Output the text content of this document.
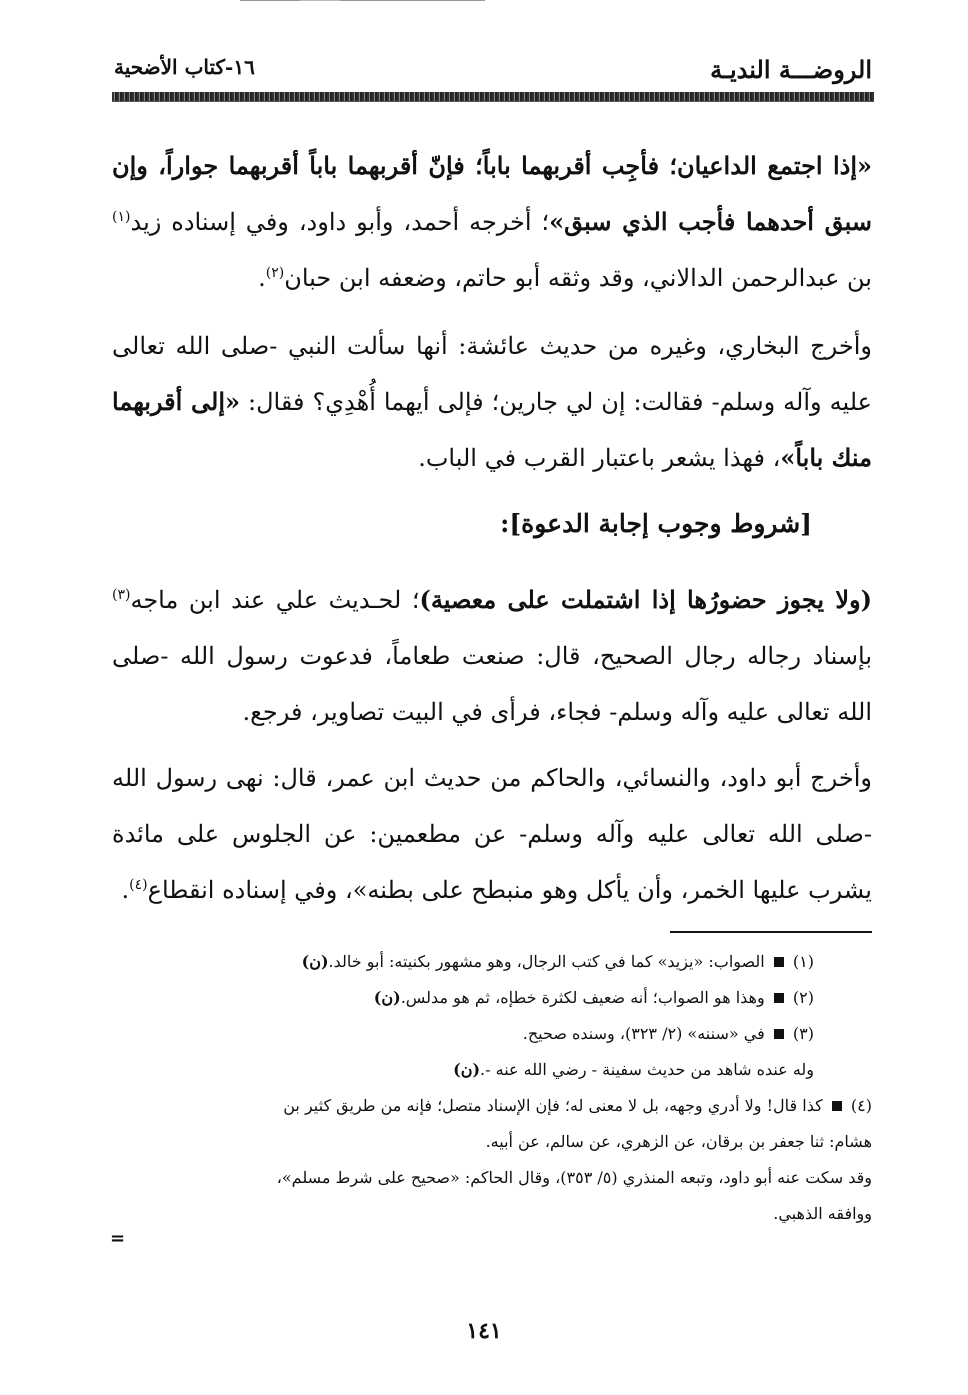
الروضـــة النديـة
١٦-كتاب الأضحية
«إذا اجتمع الداعيان؛ فأجِب أقربهما باباً؛ فإنّ أقربهما باباً أقربهما جواراً، وإن سبق أحدهما فأجب الذي سبق»؛ أخرجه أحمد، وأبو داود، وفي إسناده زيد$^{(١)}$ بن عبدالرحمن الدالاني، وقد وثقه أبو حاتم، وضعفه ابن حبان$^{(٢)}$.
وأخرج البخاري، وغيره من حديث عائشة: أنها سألت النبي -صلى الله تعالى عليه وآله وسلم- فقالت: إن لي جارين؛ فإلى أيهما أُهْدِي؟ فقال: «إلى أقربهما منك باباً»، فهذا يشعر باعتبار القرب في الباب.
[شروط وجوب إجابة الدعوة]:
(ولا يجوز حضورُها إذا اشتملت على معصية)؛ لحـديث علي عند ابن ماجه$^{(٣)}$ بإسناد رجاله رجال الصحيح، قال: صنعت طعاماً، فدعوت رسول الله -صلى الله تعالى عليه وآله وسلم- فجاء، فرأى في البيت تصاوير، فرجع.
وأخرج أبو داود، والنسائي، والحاكم من حديث ابن عمر، قال: نهى رسول الله -صلى الله تعالى عليه وآله وسلم- عن مطعمين: عن الجلوس على مائدة يشرب عليها الخمر، وأن يأكل وهو منبطح على بطنه»، وفي إسناده انقطاع$^{(٤)}$.
(١)  الصواب: «يزيد» كما في كتب الرجال، وهو مشهور بكنيته: أبو خالد.(ن)
(٢)  وهذا هو الصواب؛ أنه ضعيف لكثرة خطإه، ثم هو مدلس.(ن)
(٣)  في «سننه» (٢/ ٣٢٣)، وسنده صحيح.
وله عنده شاهد من حديث سفينة - رضي الله عنه -.(ن)
(٤)  كذا قال! ولا أدري وجهه، بل لا معنى له؛ فإن الإسناد متصل؛ فإنه من طريق كثير بن
هشام: ثنا جعفر بن برقان، عن الزهري، عن سالم، عن أبيه.
وقد سكت عنه أبو داود، وتبعه المنذري (٥/ ٣٥٣)، وقال الحاكم: «صحيح على شرط مسلم»،
ووافقه الذهبي.
=
١٤١
